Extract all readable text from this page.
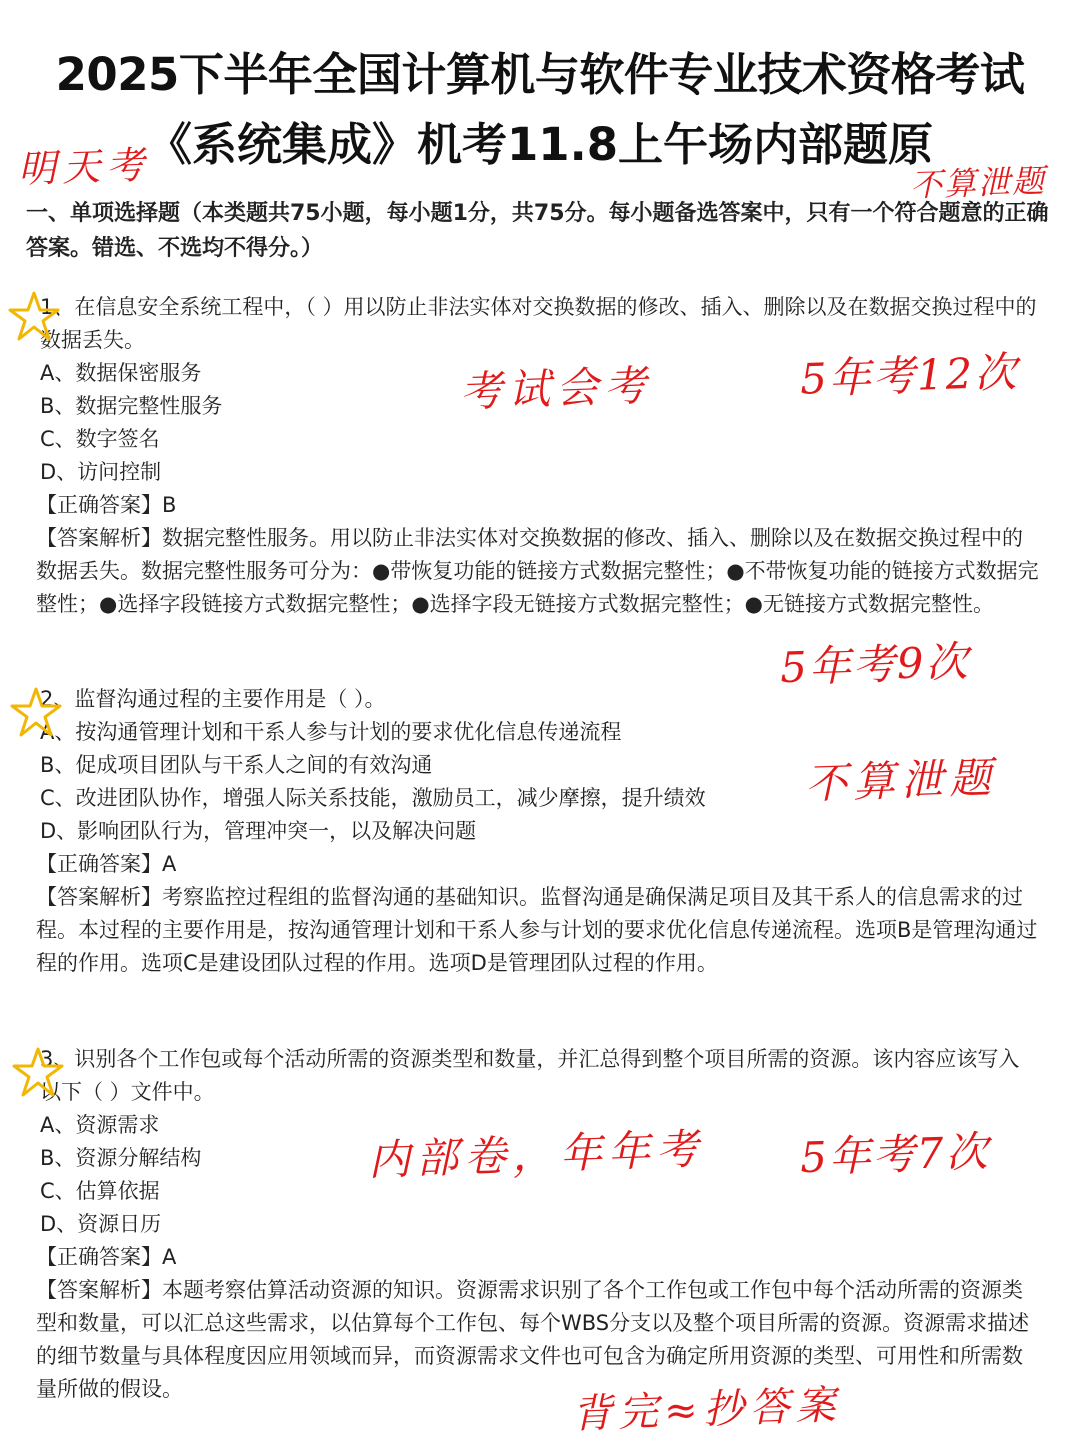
2025下半年全国计算机与软件专业技术资格考试
《系统集成》机考11.8上午场内部题原
一、单项选择题（本类题共75小题，每小题1分，共75分。每小题备选答案中，只有一个符合题意的正确答案。错选、不选均不得分。）

1、在信息安全系统工程中，（ ）用以防止非法实体对交换数据的修改、插入、删除以及在数据交换过程中的数据丢失。

A、数据保密服务

B、数据完整性服务

C、数字签名

D、访问控制

【正确答案】B

【答案解析】数据完整性服务。用以防止非法实体对交换数据的修改、插入、删除以及在数据交换过程中的数据丢失。数据完整性服务可分为：●带恢复功能的链接方式数据完整性；●不带恢复功能的链接方式数据完整性；●选择字段链接方式数据完整性；●选择字段无链接方式数据完整性；●无链接方式数据完整性。

2、监督沟通过程的主要作用是（ ）。

A、按沟通管理计划和干系人参与计划的要求优化信息传递流程

B、促成项目团队与干系人之间的有效沟通

C、改进团队协作，增强人际关系技能，激励员工，减少摩擦，提升绩效

D、影响团队行为，管理冲突一，以及解决问题

【正确答案】A

【答案解析】考察监控过程组的监督沟通的基础知识。监督沟通是确保满足项目及其干系人的信息需求的过程。本过程的主要作用是，按沟通管理计划和干系人参与计划的要求优化信息传递流程。选项B是管理沟通过程的作用。选项C是建设团队过程的作用。选项D是管理团队过程的作用。

3、识别各个工作包或每个活动所需的资源类型和数量，并汇总得到整个项目所需的资源。该内容应该写入以下（ ）文件中。

A、资源需求

B、资源分解结构

C、估算依据

D、资源日历

【正确答案】A

【答案解析】本题考察估算活动资源的知识。资源需求识别了各个工作包或工作包中每个活动所需的资源类型和数量，可以汇总这些需求，以估算每个工作包、每个WBS分支以及整个项目所需的资源。资源需求描述的细节数量与具体程度因应用领域而异，而资源需求文件也可包含为确定所用资源的类型、可用性和所需数量所做的假设。

明天考	不算泄题
考试会考	5年考12次
5年考9次
不算泄题
内部卷，年年考 5年考7次
背完≈抄答案
